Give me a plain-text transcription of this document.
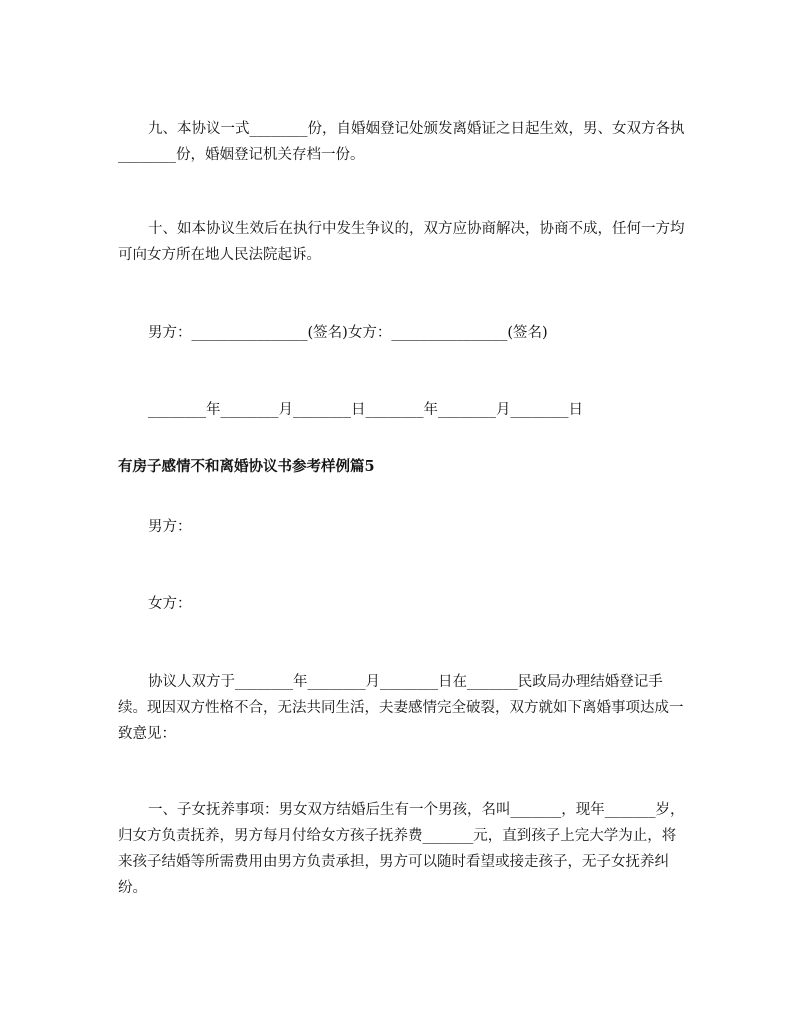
九、本协议一式________份，自婚姻登记处颁发离婚证之日起生效，男、女双方各执________份，婚姻登记机关存档一份。

十、如本协议生效后在执行中发生争议的，双方应协商解决，协商不成，任何一方均可向女方所在地人民法院起诉。

男方：________________(签名)女方：________________(签名)

________年________月________日________年________月________日

有房子感情不和离婚协议书参考样例篇5

男方：

女方：

协议人双方于________年________月________日在_______民政局办理结婚登记手续。现因双方性格不合，无法共同生活，夫妻感情完全破裂，双方就如下离婚事项达成一致意见：

一、子女抚养事项：男女双方结婚后生有一个男孩，名叫_______，现年_______岁，归女方负责抚养，男方每月付给女方孩子抚养费_______元，直到孩子上完大学为止，将来孩子结婚等所需费用由男方负责承担，男方可以随时看望或接走孩子，无子女抚养纠纷。
